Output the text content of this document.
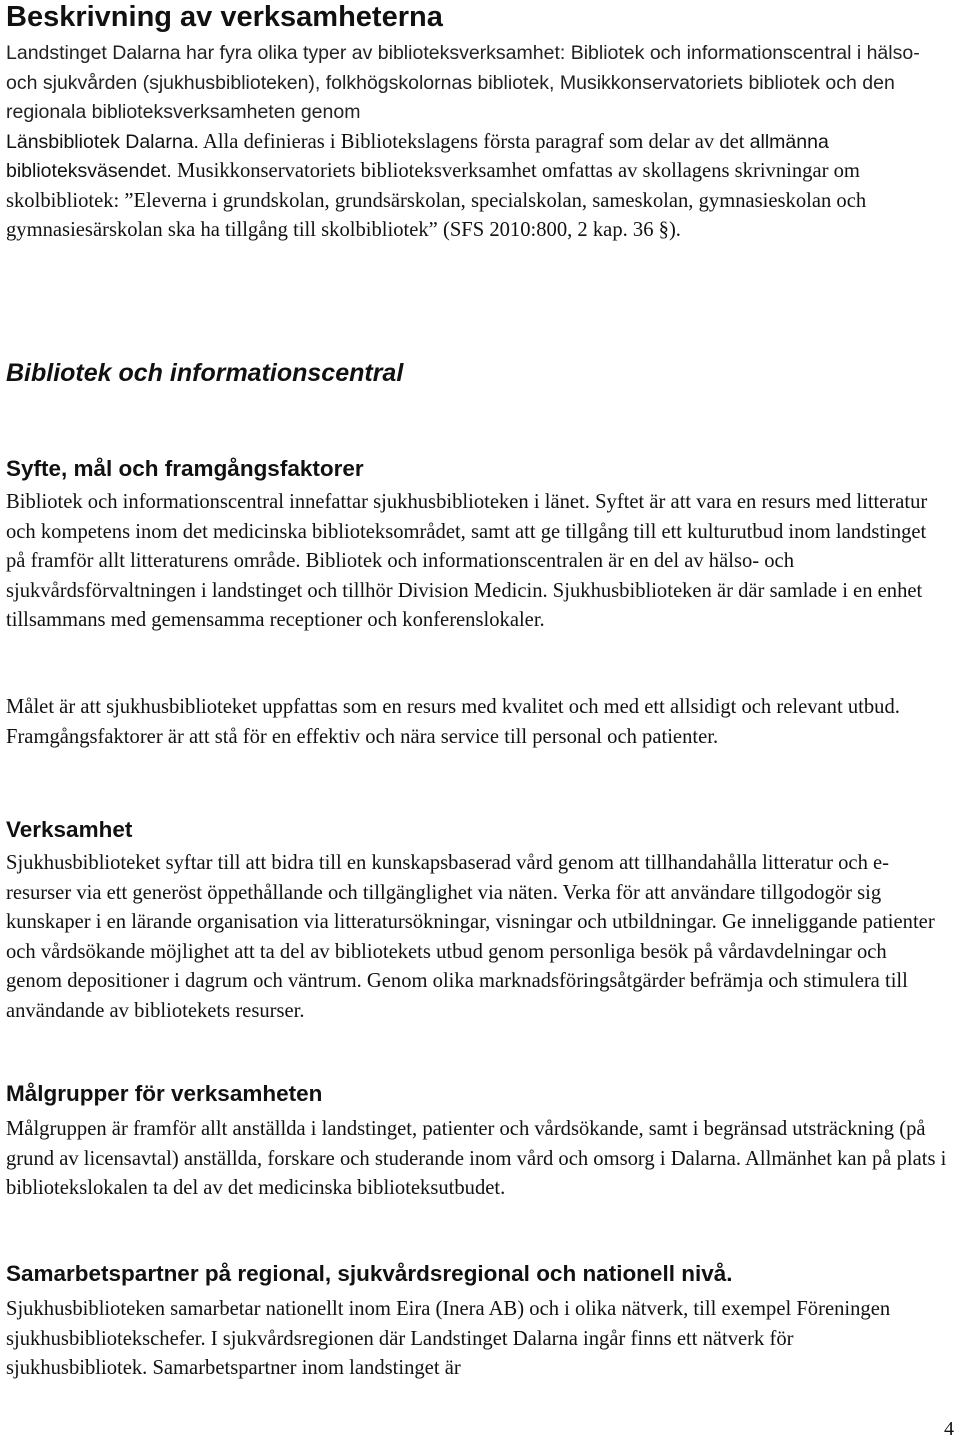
Beskrivning av verksamheterna

Landstinget Dalarna har fyra olika typer av biblioteksverksamhet: Bibliotek och informationscentral i hälso- och sjukvården (sjukhusbiblioteken), folkhögskolornas bibliotek, Musikkonservatoriets bibliotek och den regionala biblioteksverksamheten genom

Länsbibliotek Dalarna. Alla definieras i Bibliotekslagens första paragraf som delar av det allmänna biblioteksväsendet. Musikkonservatoriets biblioteksverksamhet omfattas av skollagens skrivningar om skolbibliotek: ”Eleverna i grundskolan, grundsärskolan, specialskolan, sameskolan, gymnasieskolan och gymnasiesärskolan ska ha tillgång till skolbibliotek” (SFS 2010:800, 2 kap. 36 §).

Bibliotek och informationscentral
Syfte, mål och framgångsfaktorer

Bibliotek och informationscentral innefattar sjukhusbiblioteken i länet. Syftet är att vara en resurs med litteratur och kompetens inom det medicinska biblioteksområdet, samt att ge tillgång till ett kulturutbud inom landstinget på framför allt litteraturens område. Bibliotek och informationscentralen är en del av hälso- och sjukvårdsförvaltningen i landstinget och tillhör Division Medicin. Sjukhusbiblioteken är där samlade i en enhet tillsammans med gemensamma receptioner och konferenslokaler.

Målet är att sjukhusbiblioteket uppfattas som en resurs med kvalitet och med ett allsidigt och relevant utbud. Framgångsfaktorer är att stå för en effektiv och nära service till personal och patienter.

Verksamhet

Sjukhusbiblioteket syftar till att bidra till en kunskapsbaserad vård genom att tillhandahålla litteratur och e-resurser via ett generöst öppethållande och tillgänglighet via näten. Verka för att användare tillgodogör sig kunskaper i en lärande organisation via litteratursökningar, visningar och utbildningar. Ge inneliggande patienter och vårdsökande möjlighet att ta del av bibliotekets utbud genom personliga besök på vårdavdelningar och genom depositioner i dagrum och väntrum. Genom olika marknadsföringsåtgärder befrämja och stimulera till användande av bibliotekets resurser.

Målgrupper för verksamheten

Målgruppen är framför allt anställda i landstinget, patienter och vårdsökande, samt i begränsad utsträckning (på grund av licensavtal) anställda, forskare och studerande inom vård och omsorg i Dalarna. Allmänhet kan på plats i bibliotekslokalen ta del av det medicinska biblioteksutbudet.

Samarbetspartner på regional, sjukvårdsregional och nationell nivå.

Sjukhusbiblioteken samarbetar nationellt inom Eira (Inera AB) och i olika nätverk, till exempel Föreningen sjukhusbibliotekschefer. I sjukvårdsregionen där Landstinget Dalarna ingår finns ett nätverk för sjukhusbibliotek. Samarbetspartner inom landstinget är

4
